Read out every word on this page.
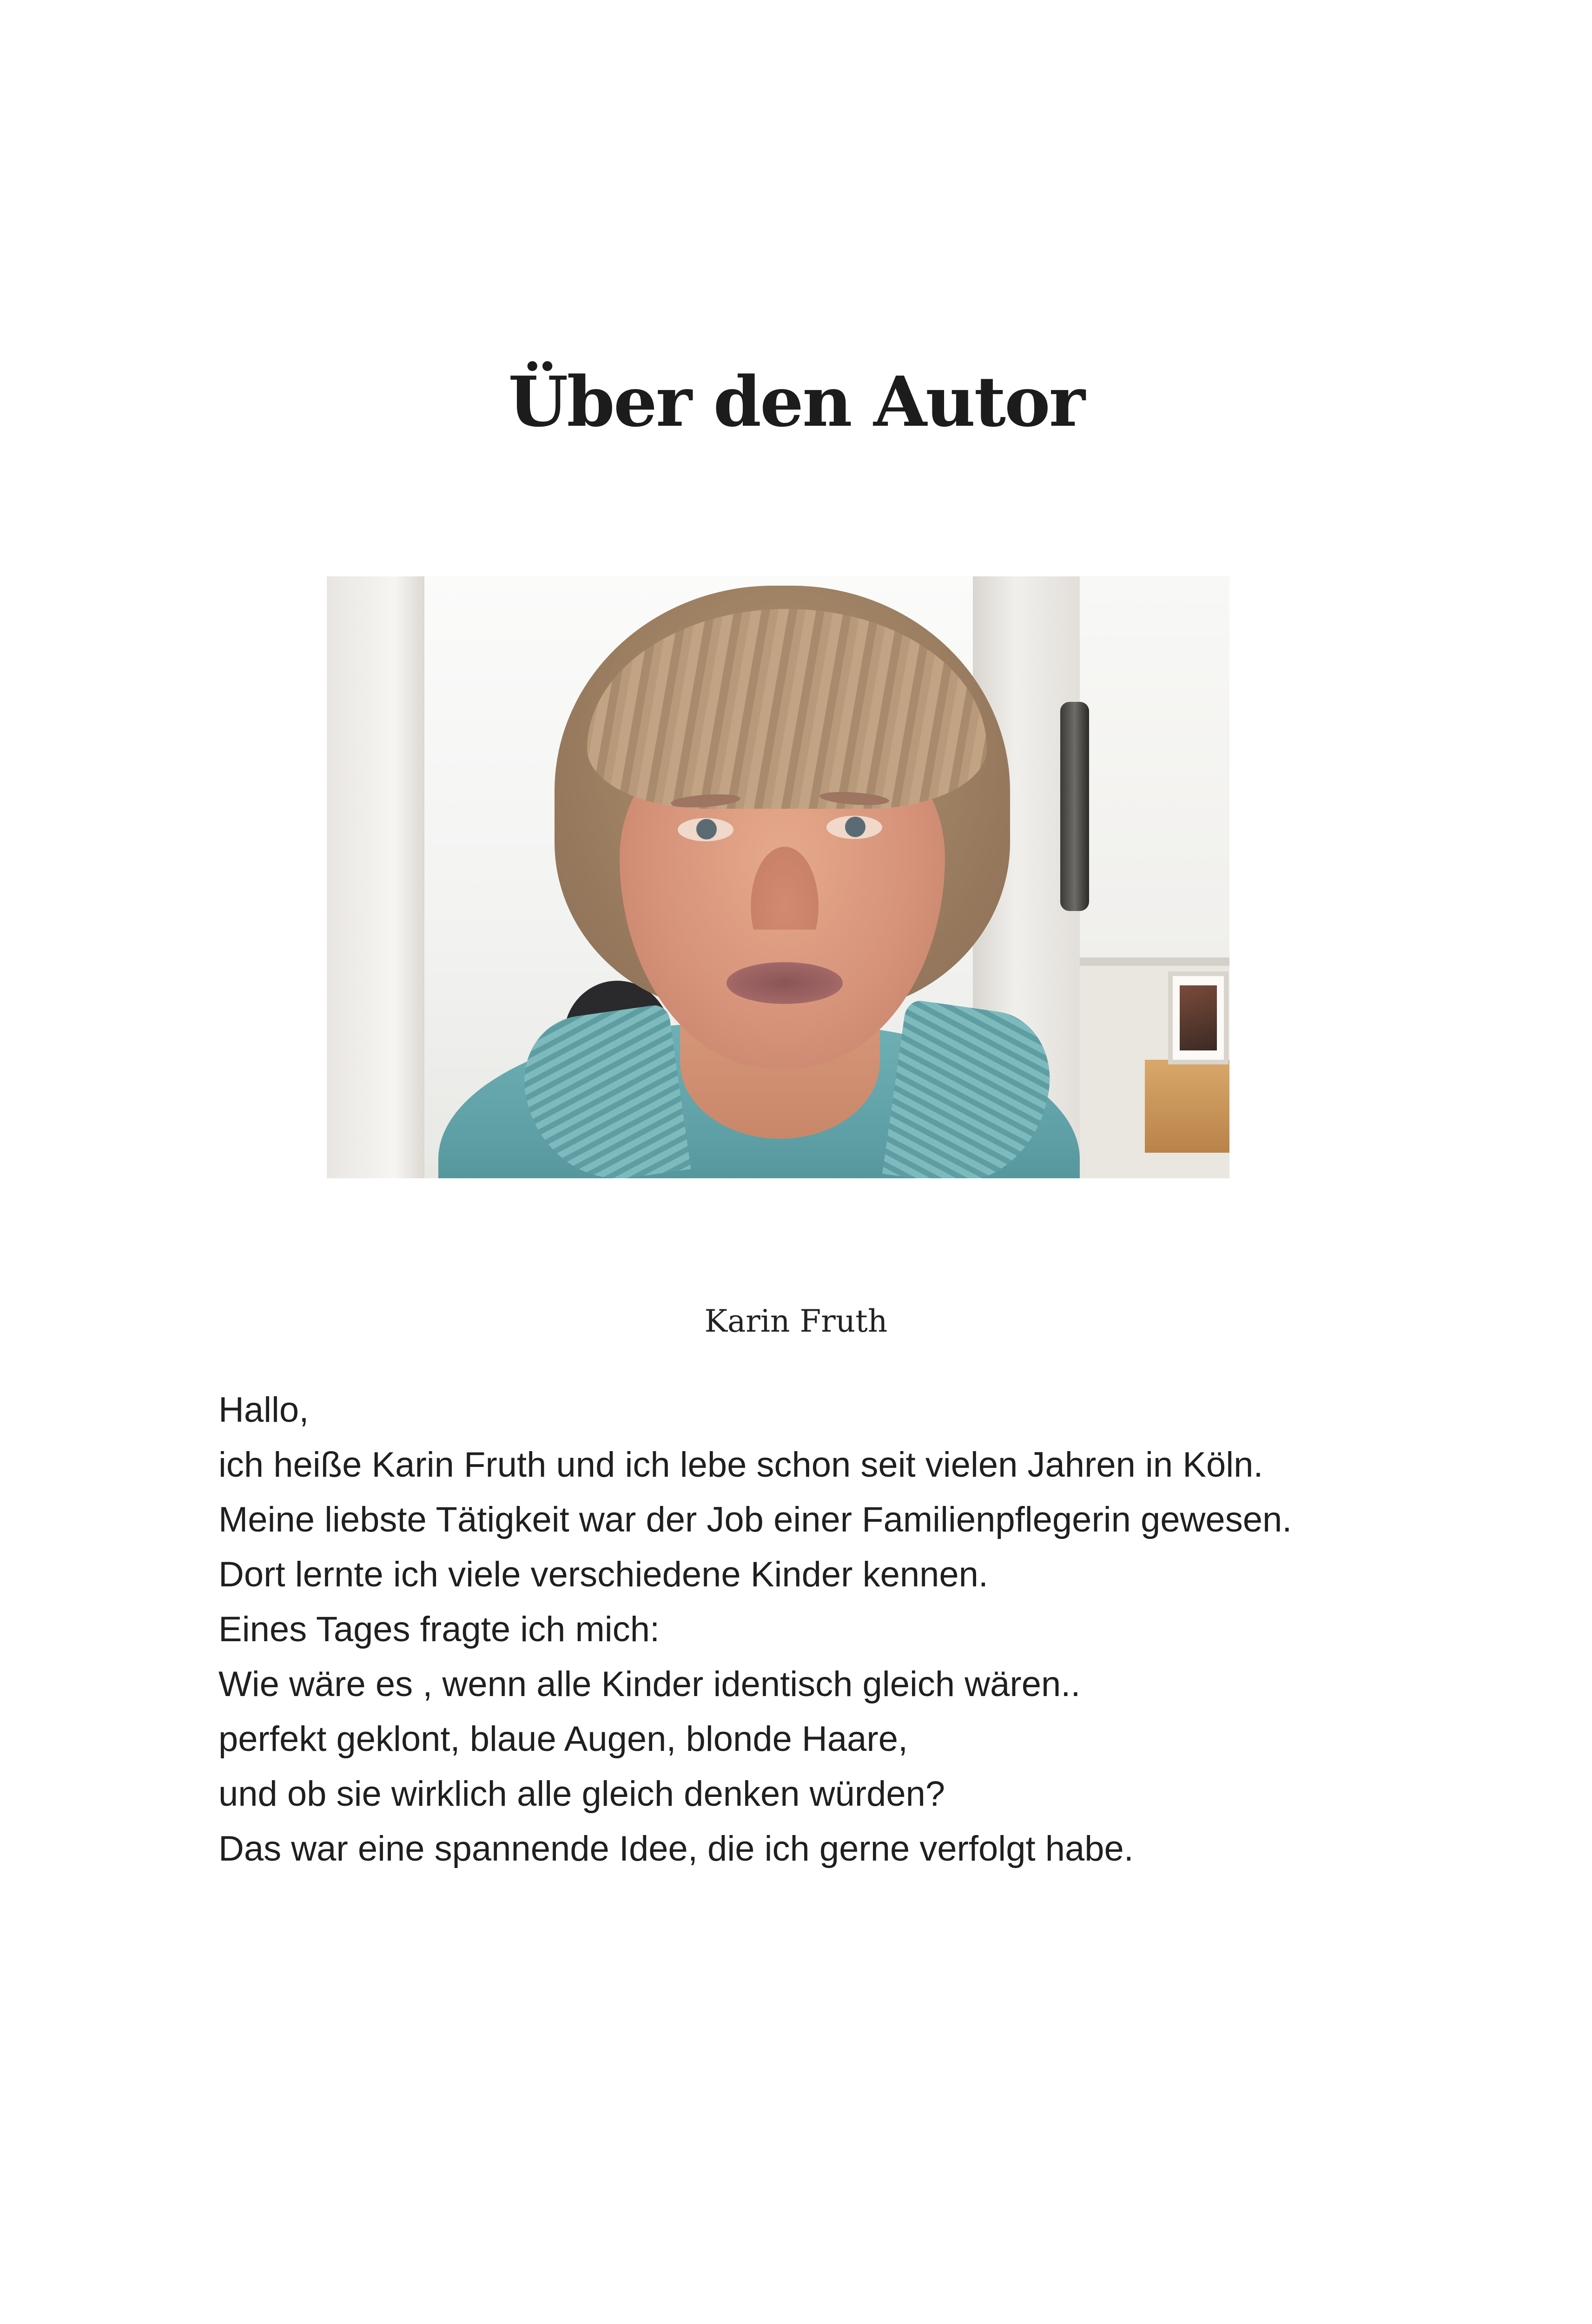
Über den Autor

Karin Fruth

Hallo,
ich heiße Karin Fruth und ich lebe schon seit vielen Jahren in Köln.
Meine liebste Tätigkeit war der Job einer Familienpflegerin gewesen.
Dort lernte ich viele verschiedene Kinder kennen.
Eines Tages fragte ich mich:
Wie wäre es , wenn alle Kinder identisch gleich wären..
perfekt geklont, blaue Augen, blonde Haare,
und ob sie wirklich alle gleich denken würden?
Das war eine spannende Idee, die ich gerne verfolgt habe.
